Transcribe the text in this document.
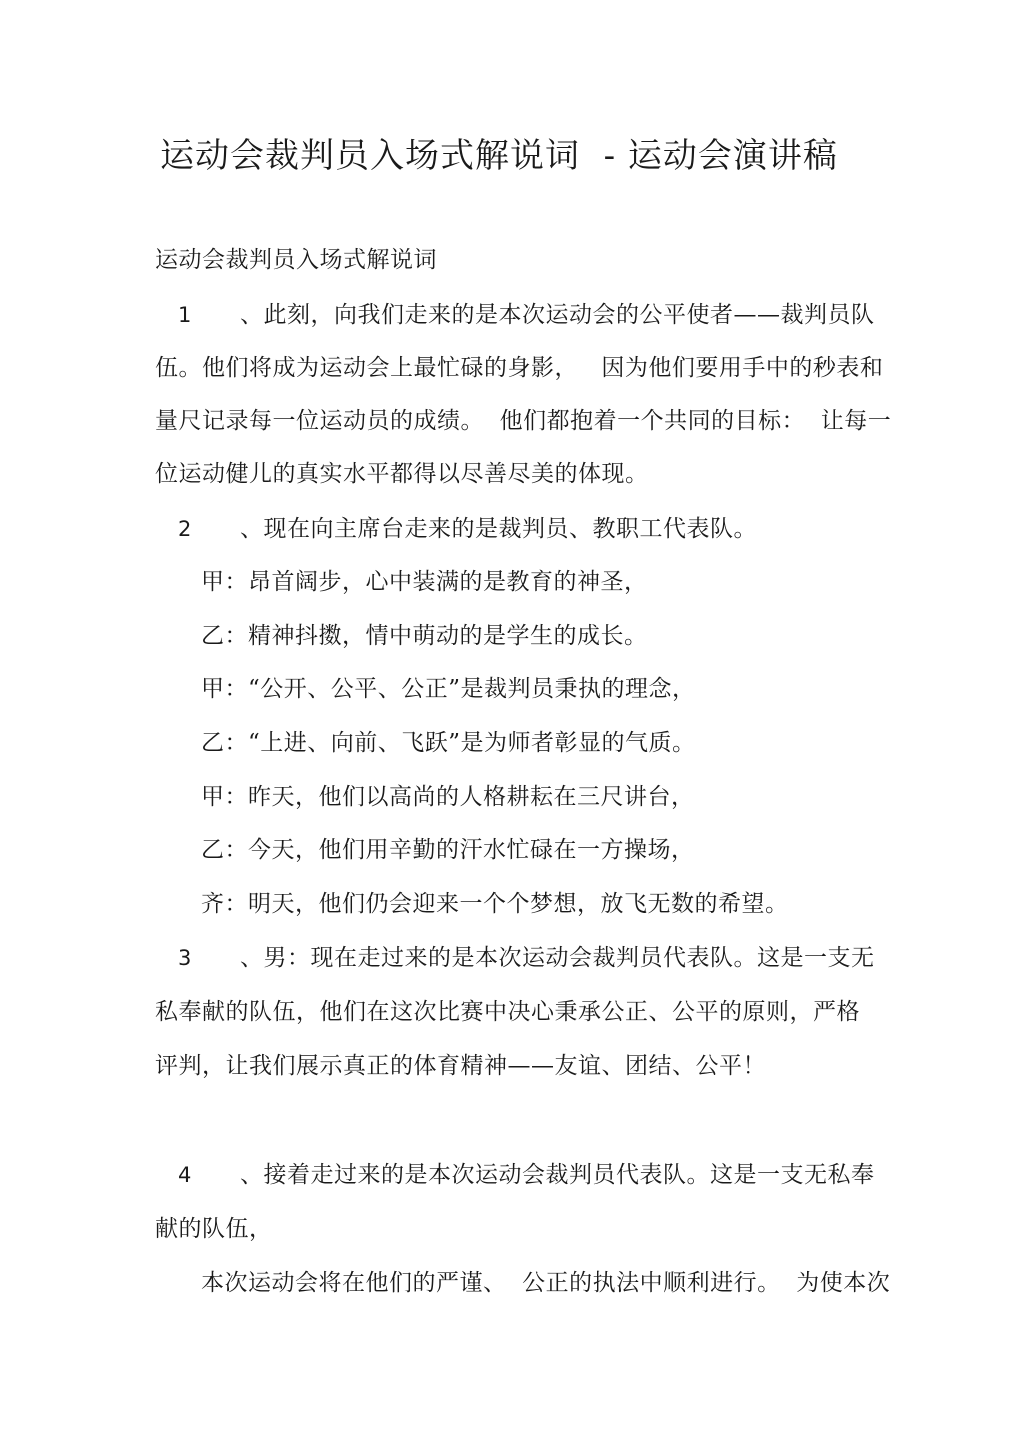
运动会裁判员入场式解说词  - 运动会演讲稿
运动会裁判员入场式解说词
1 、此刻，向我们走来的是本次运动会的公平使者——裁判员队
伍。他们将成为运动会上最忙碌的身影，   因为他们要用手中的秒表和
量尺记录每一位运动员的成绩。  他们都抱着一个共同的目标：  让每一
位运动健儿的真实水平都得以尽善尽美的体现。
2 、现在向主席台走来的是裁判员、教职工代表队。
甲：昂首阔步，心中装满的是教育的神圣，
乙：精神抖擞，情中萌动的是学生的成长。
甲：“公开、公平、公正”是裁判员秉执的理念，
乙：“上进、向前、飞跃”是为师者彰显的气质。
甲：昨天，他们以高尚的人格耕耘在三尺讲台，
乙：今天，他们用辛勤的汗水忙碌在一方操场，
齐：明天，他们仍会迎来一个个梦想，放飞无数的希望。
3 、男：现在走过来的是本次运动会裁判员代表队。这是一支无
私奉献的队伍，他们在这次比赛中决心秉承公正、公平的原则，严格
评判，让我们展示真正的体育精神——友谊、团结、公平！
4 、接着走过来的是本次运动会裁判员代表队。这是一支无私奉
献的队伍，
本次运动会将在他们的严谨、  公正的执法中顺利进行。  为使本次
